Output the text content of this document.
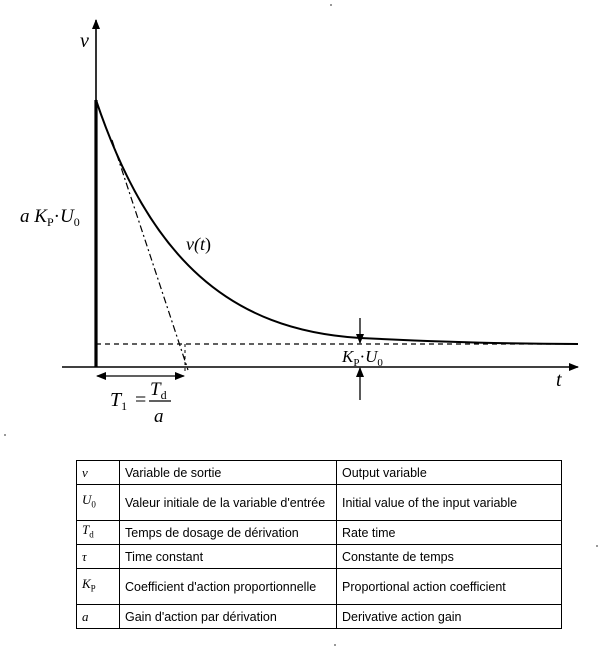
v
t
v(t)
a $K_P\cdot U_0$
$K_P\cdot U_0$
$T_1 = T_d$
a
v	Variable de sortie	Output variable
$U_0$	Valeur initiale de la variable d'entrée	Initial value of the input variable
$T_d$	Temps de dosage de dérivation	Rate time
τ	Time constant	Constante de temps
$K_P$	Coefficient d'action proportionnelle	Proportional action coefficient
a	Gain d'action par dérivation	Derivative action gain
